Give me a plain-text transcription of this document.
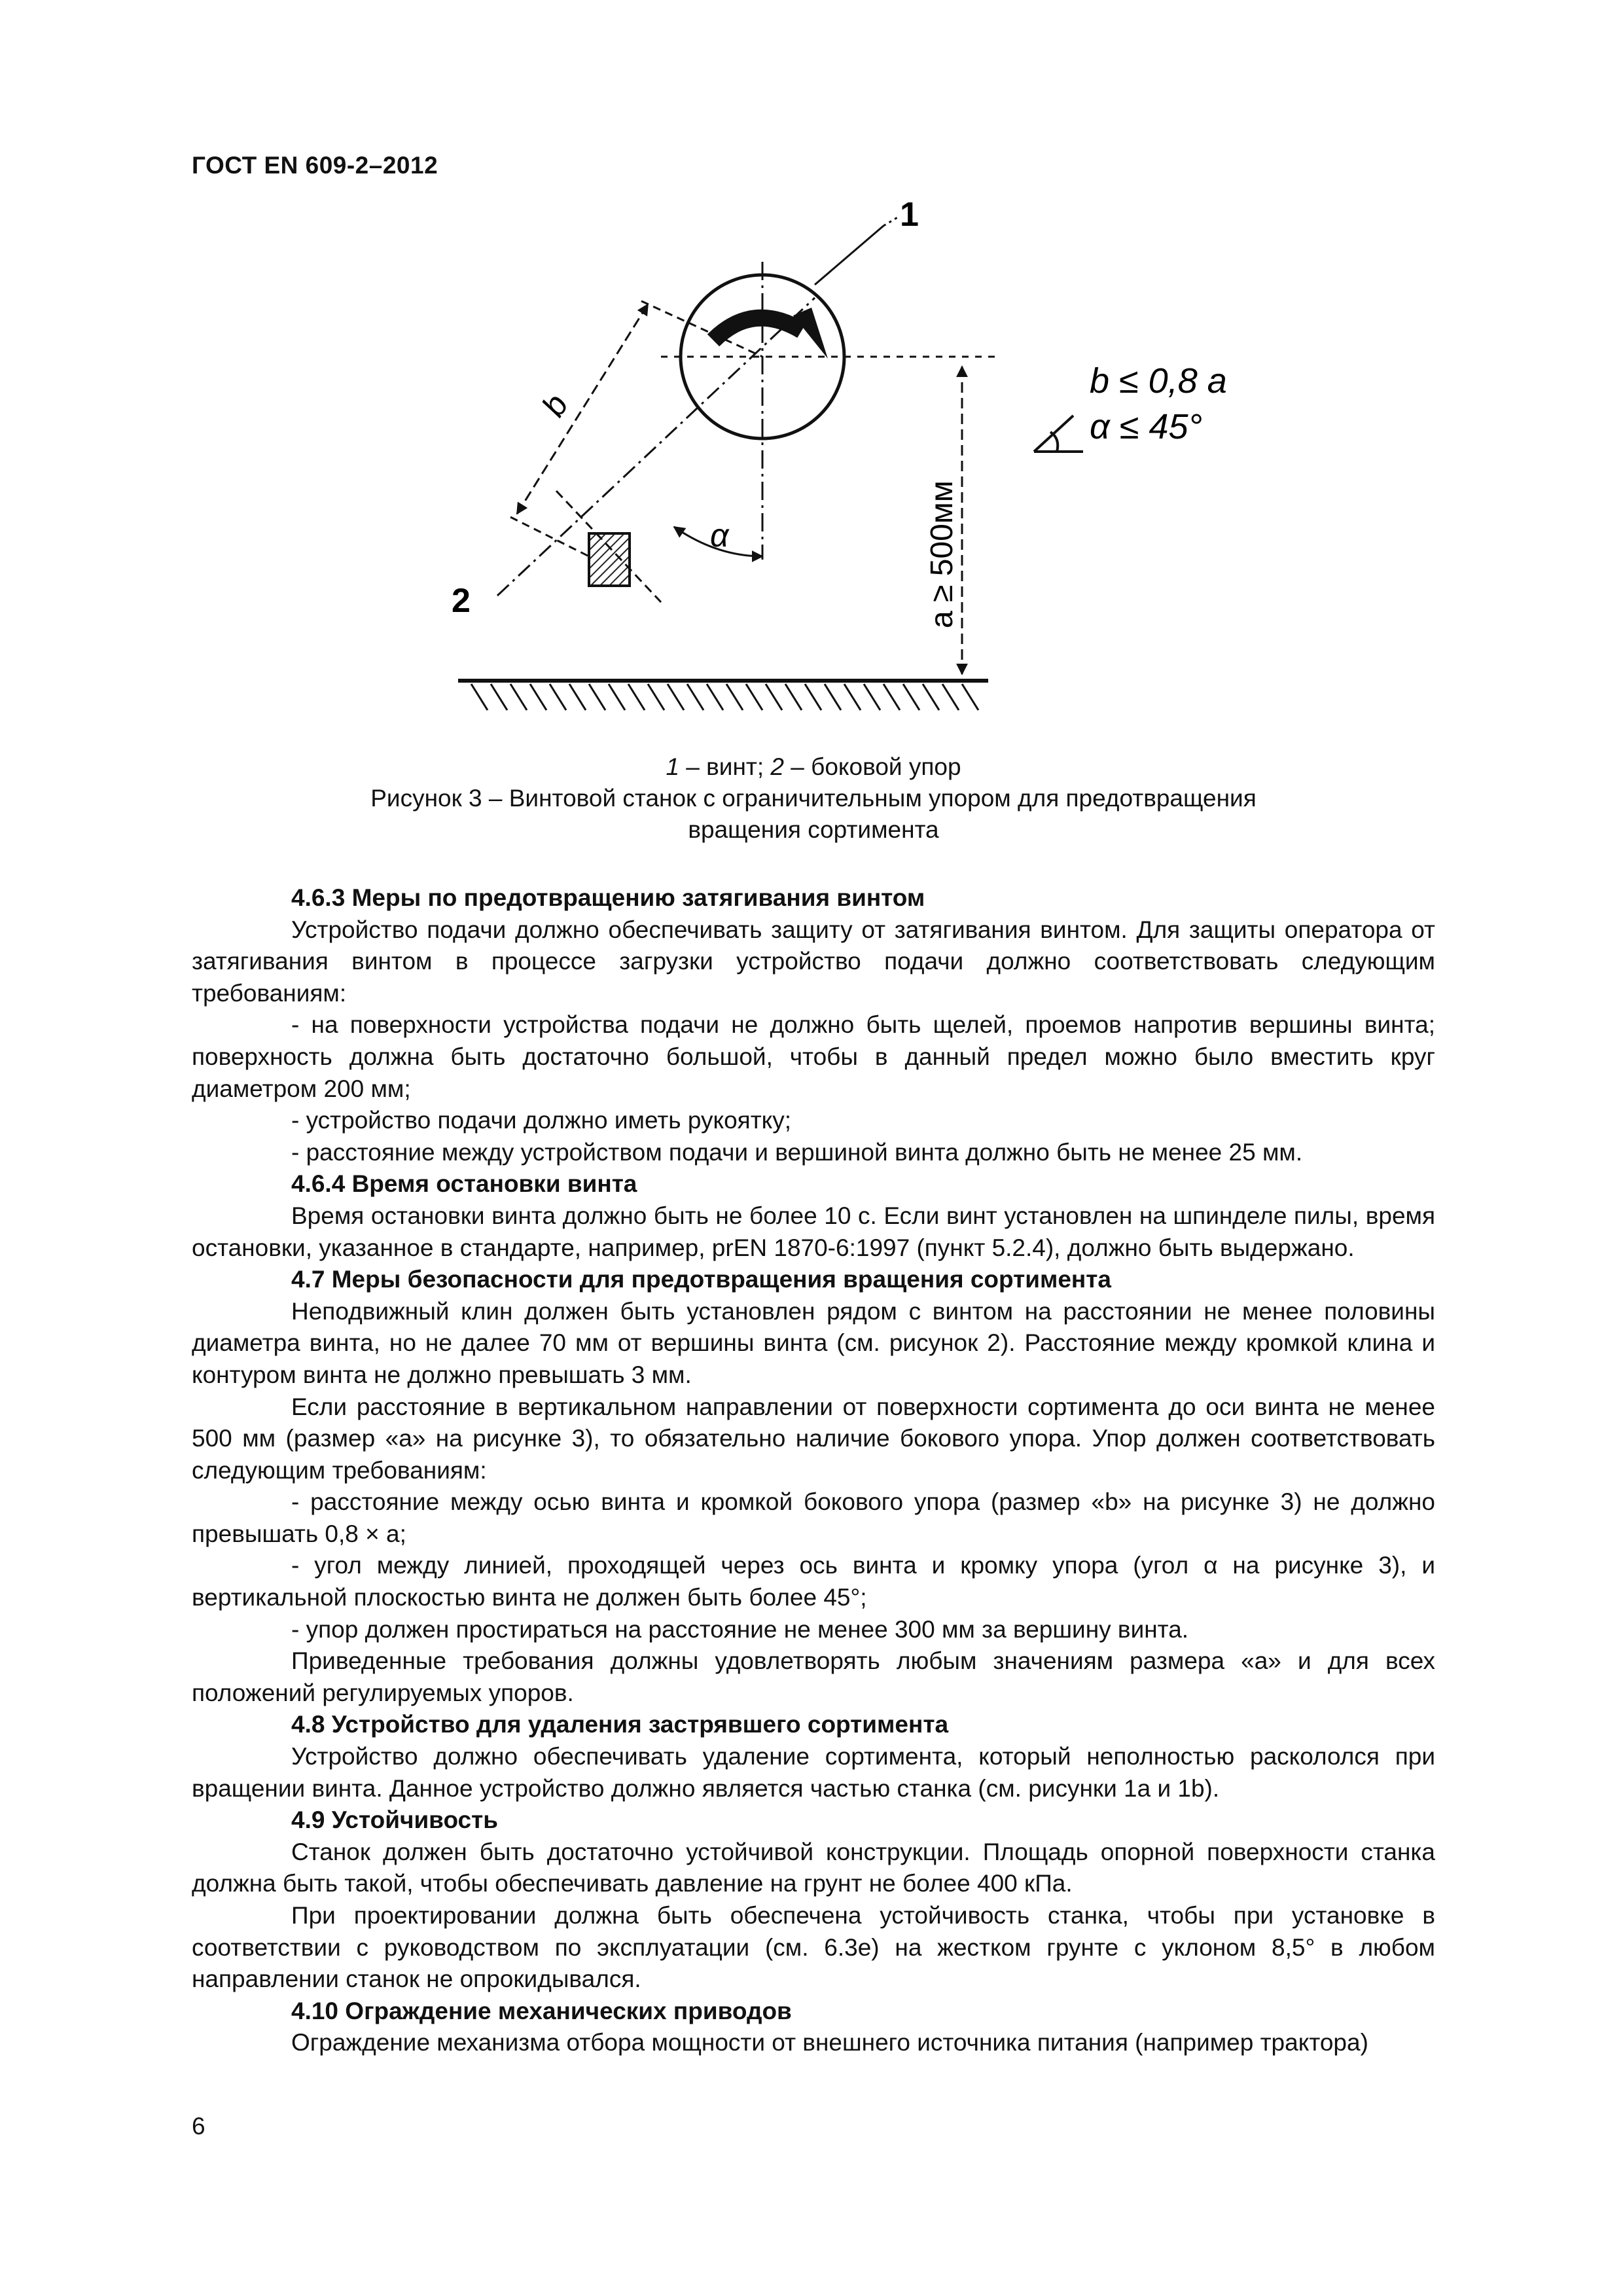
ГОСТ EN 609-2–2012
1
2
b
α	a ≥ 500мм
b ≤ 0,8 a
α ≤ 45°
1 – винт; 2 – боковой упор
Рисунок 3 – Винтовой станок с ограничительным упором для предотвращения
вращения сортимента

4.6.3 Меры по предотвращению затягивания винтом

Устройство подачи должно обеспечивать защиту от затягивания винтом. Для защиты оператора от затягивания винтом в процессе загрузки устройство подачи должно соответствовать следующим требованиям:

- на поверхности устройства подачи не должно быть щелей, проемов напротив вершины винта; поверхность должна быть достаточно большой, чтобы в данный предел можно было вместить круг диаметром 200 мм;

- устройство подачи должно иметь рукоятку;

- расстояние между устройством подачи и вершиной винта должно быть не менее 25 мм.

4.6.4 Время остановки винта

Время остановки винта должно быть не более 10 с. Если винт установлен на шпинделе пилы, время остановки, указанное в стандарте, например, prEN 1870-6:1997 (пункт 5.2.4), должно быть выдержано.

4.7 Меры безопасности для предотвращения вращения сортимента

Неподвижный клин должен быть установлен рядом с винтом на расстоянии не менее половины диаметра винта, но не далее 70 мм от вершины винта (см. рисунок 2). Расстояние между кромкой клина и контуром винта не должно превышать 3 мм.

Если расстояние в вертикальном направлении от поверхности сортимента до оси винта не менее 500 мм (размер «a» на рисунке 3), то обязательно наличие бокового упора. Упор должен соответствовать следующим требованиям:

- расстояние между осью винта и кромкой бокового упора (размер «b» на рисунке 3) не должно превышать 0,8 × a;

- угол между линией, проходящей через ось винта и кромку упора (угол α на рисунке 3), и вертикальной плоскостью винта не должен быть более 45°;

- упор должен простираться на расстояние не менее 300 мм за вершину винта.

Приведенные требования должны удовлетворять любым значениям размера «a» и для всех положений регулируемых упоров.

4.8 Устройство для удаления застрявшего сортимента

Устройство должно обеспечивать удаление сортимента, который неполностью раскололся при вращении винта. Данное устройство должно является частью станка (см. рисунки 1a и 1b).

4.9 Устойчивость

Станок должен быть достаточно устойчивой конструкции. Площадь опорной поверхности станка должна быть такой, чтобы обеспечивать давление на грунт не более 400 кПа.

При проектировании должна быть обеспечена устойчивость станка, чтобы при установке в соответствии с руководством по эксплуатации (см. 6.3е) на жестком грунте с уклоном 8,5° в любом направлении станок не опрокидывался.

4.10 Ограждение механических приводов

Ограждение механизма отбора мощности от внешнего источника питания (например трактора)

6
